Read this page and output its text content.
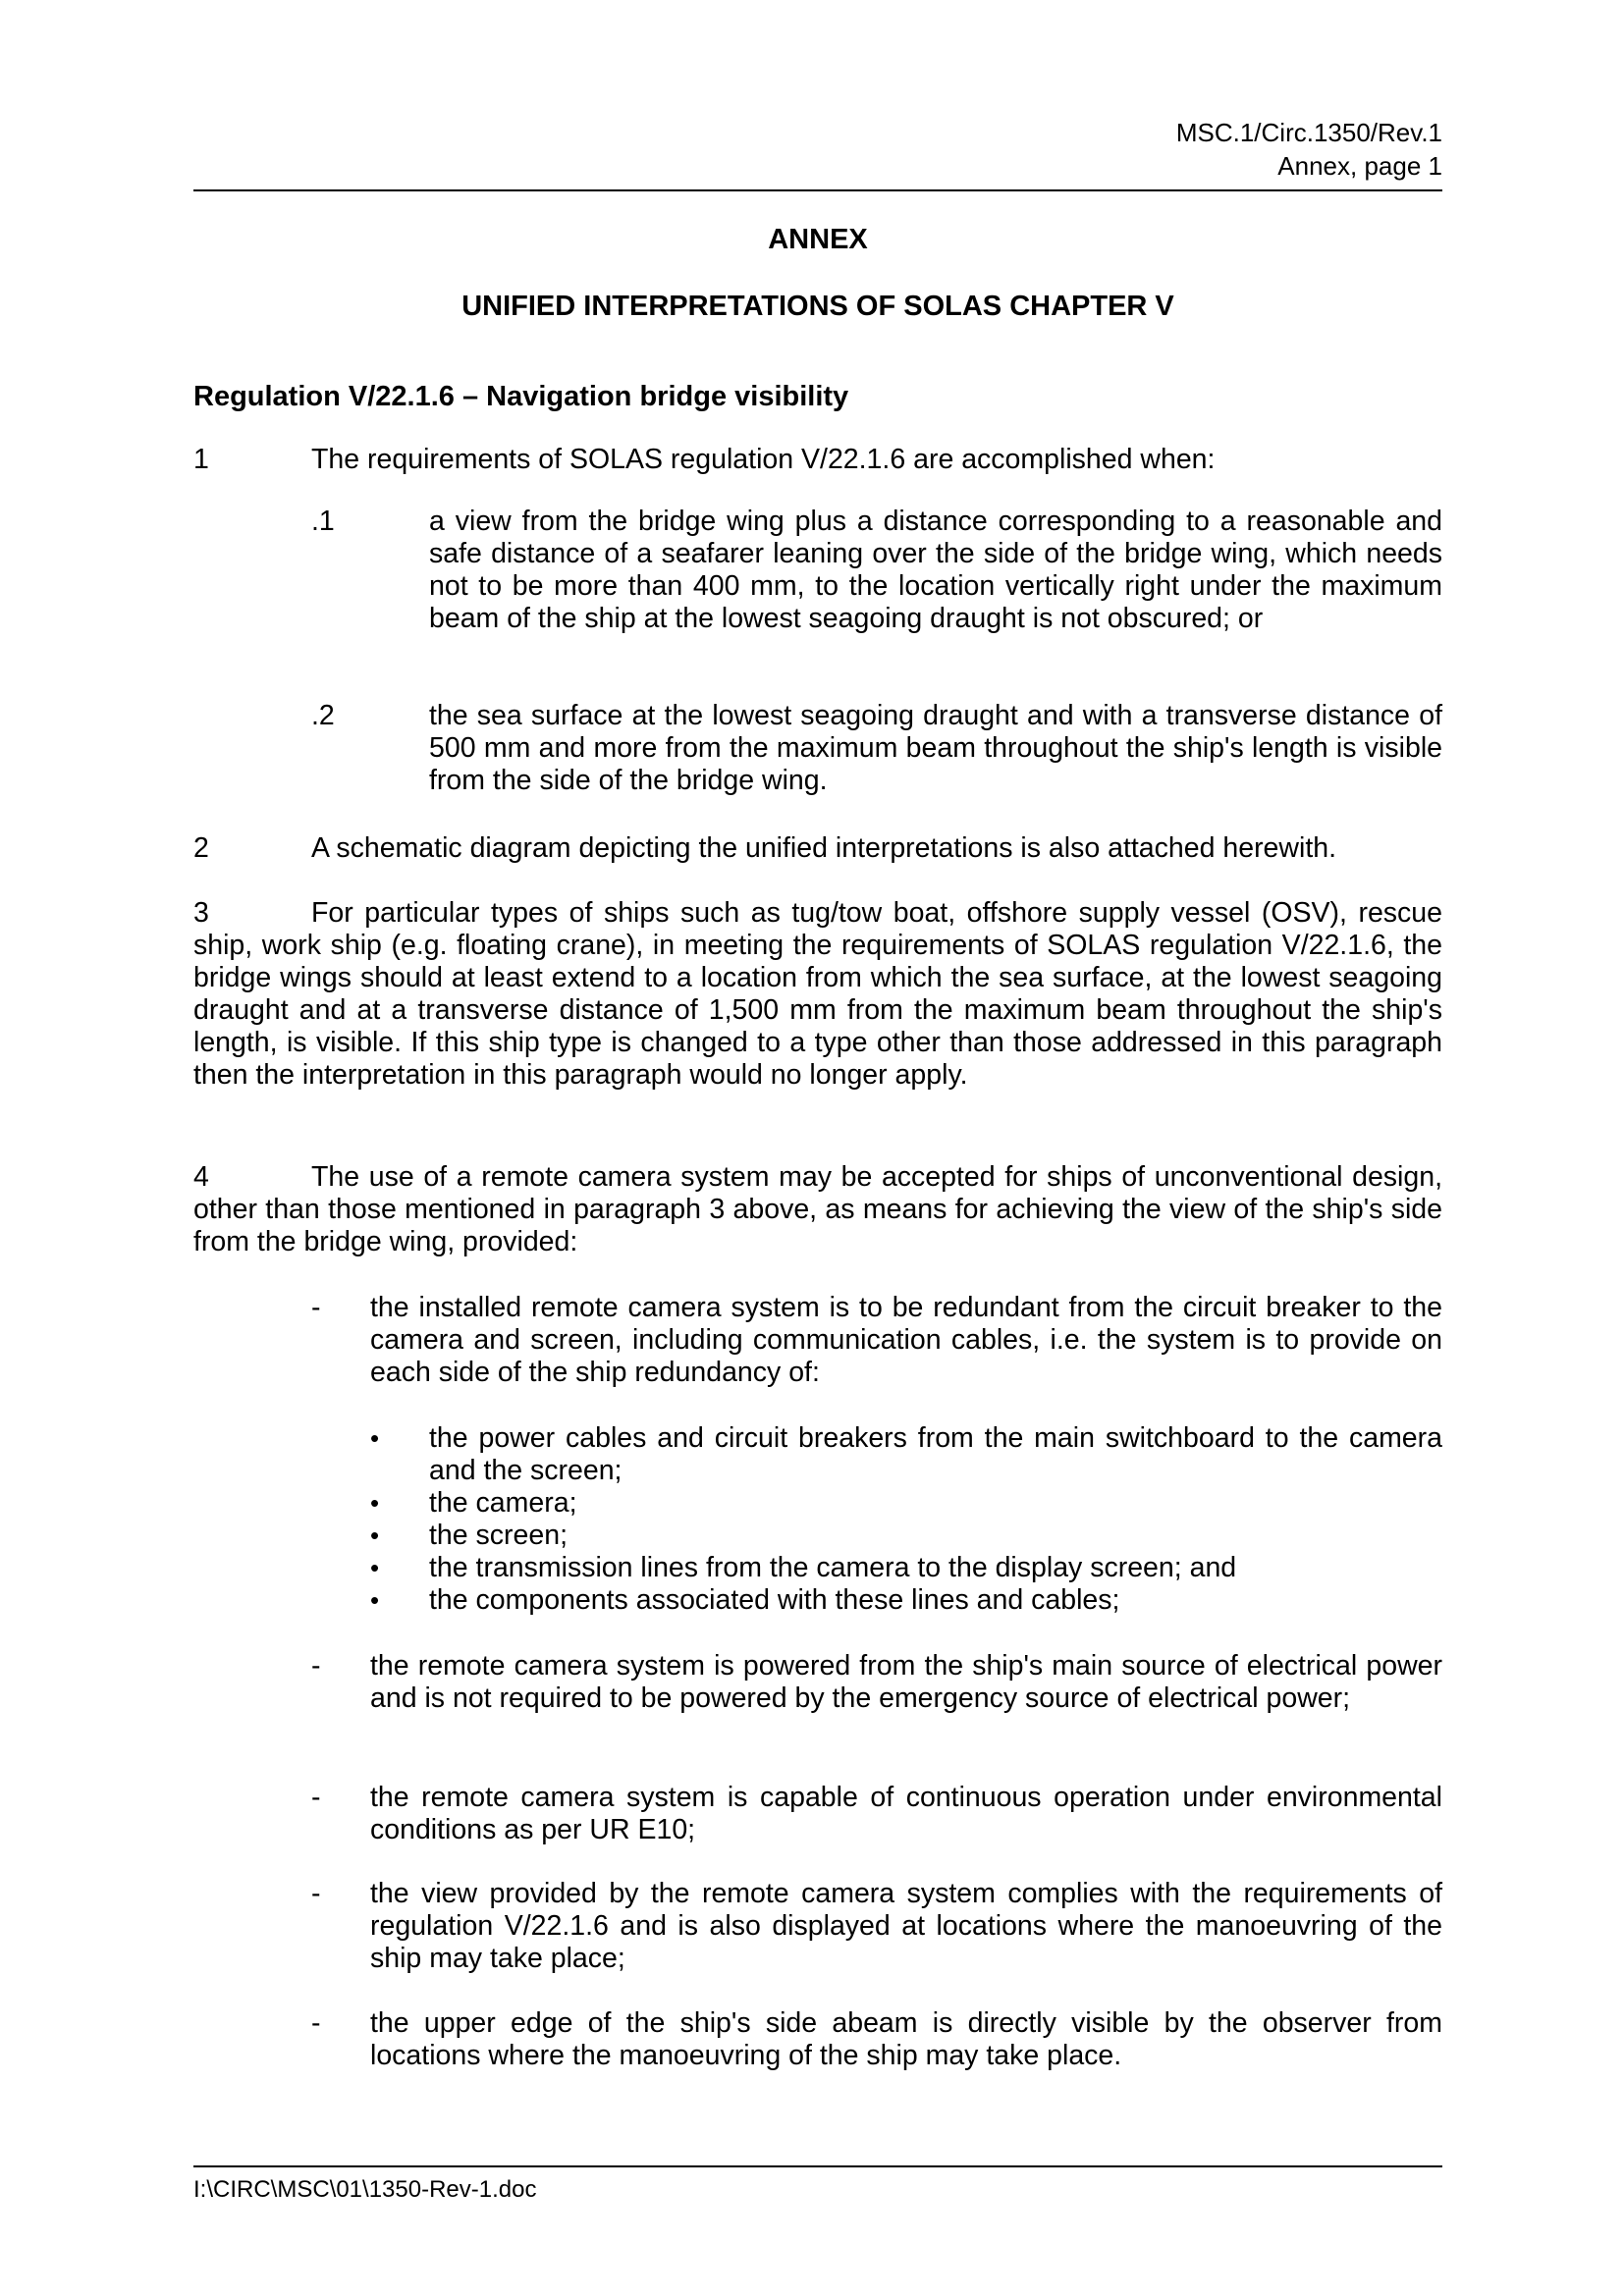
MSC.1/Circ.1350/Rev.1
Annex, page 1
ANNEX
UNIFIED INTERPRETATIONS OF SOLAS CHAPTER V
Regulation V/22.1.6 – Navigation bridge visibility
1	The requirements of SOLAS regulation V/22.1.6 are accomplished when:
.1	a view from the bridge wing plus a distance corresponding to a reasonable and safe distance of a seafarer leaning over the side of the bridge wing, which needs not to be more than 400 mm, to the location vertically right under the maximum beam of the ship at the lowest seagoing draught is not obscured; or
.2	the sea surface at the lowest seagoing draught and with a transverse distance of 500 mm and more from the maximum beam throughout the ship's length is visible from the side of the bridge wing.
2	A schematic diagram depicting the unified interpretations is also attached herewith.
3	For particular types of ships such as tug/tow boat, offshore supply vessel (OSV), rescue ship, work ship (e.g. floating crane), in meeting the requirements of SOLAS regulation V/22.1.6, the bridge wings should at least extend to a location from which the sea surface, at the lowest seagoing draught and at a transverse distance of 1,500 mm from the maximum beam throughout the ship's length, is visible. If this ship type is changed to a type other than those addressed in this paragraph then the interpretation in this paragraph would no longer apply.
4	The use of a remote camera system may be accepted for ships of unconventional design, other than those mentioned in paragraph 3 above, as means for achieving the view of the ship's side from the bridge wing, provided:
- the installed remote camera system is to be redundant from the circuit breaker to the camera and screen, including communication cables, i.e. the system is to provide on each side of the ship redundancy of:
• the power cables and circuit breakers from the main switchboard to the camera and the screen;
• the camera;
• the screen;
• the transmission lines from the camera to the display screen; and
• the components associated with these lines and cables;
- the remote camera system is powered from the ship's main source of electrical power and is not required to be powered by the emergency source of electrical power;
- the remote camera system is capable of continuous operation under environmental conditions as per UR E10;
- the view provided by the remote camera system complies with the requirements of regulation V/22.1.6 and is also displayed at locations where the manoeuvring of the ship may take place;
- the upper edge of the ship's side abeam is directly visible by the observer from locations where the manoeuvring of the ship may take place.
I:\CIRC\MSC\01\1350-Rev-1.doc
